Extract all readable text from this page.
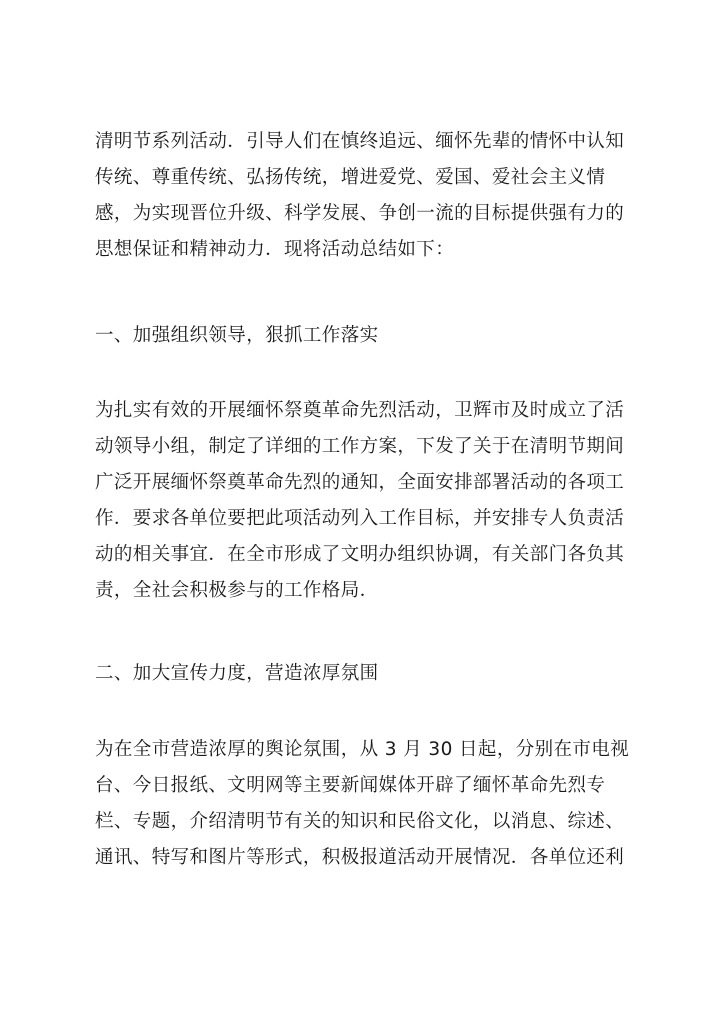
清明节系列活动．引导人们在慎终追远、缅怀先辈的情怀中认知
传统、尊重传统、弘扬传统，增进爱党、爱国、爱社会主义情
感，为实现晋位升级、科学发展、争创一流的目标提供强有力的
思想保证和精神动力．现将活动总结如下：
一、加强组织领导，狠抓工作落实
为扎实有效的开展缅怀祭奠革命先烈活动，卫辉市及时成立了活
动领导小组，制定了详细的工作方案，下发了关于在清明节期间
广泛开展缅怀祭奠革命先烈的通知，全面安排部署活动的各项工
作．要求各单位要把此项活动列入工作目标，并安排专人负责活
动的相关事宜．在全市形成了文明办组织协调，有关部门各负其
责，全社会积极参与的工作格局．
二、加大宣传力度，营造浓厚氛围
为在全市营造浓厚的舆论氛围，从 3 月 30 日起，分别在市电视
台、今日报纸、文明网等主要新闻媒体开辟了缅怀革命先烈专
栏、专题，介绍清明节有关的知识和民俗文化，以消息、综述、
通讯、特写和图片等形式，积极报道活动开展情况．各单位还利
